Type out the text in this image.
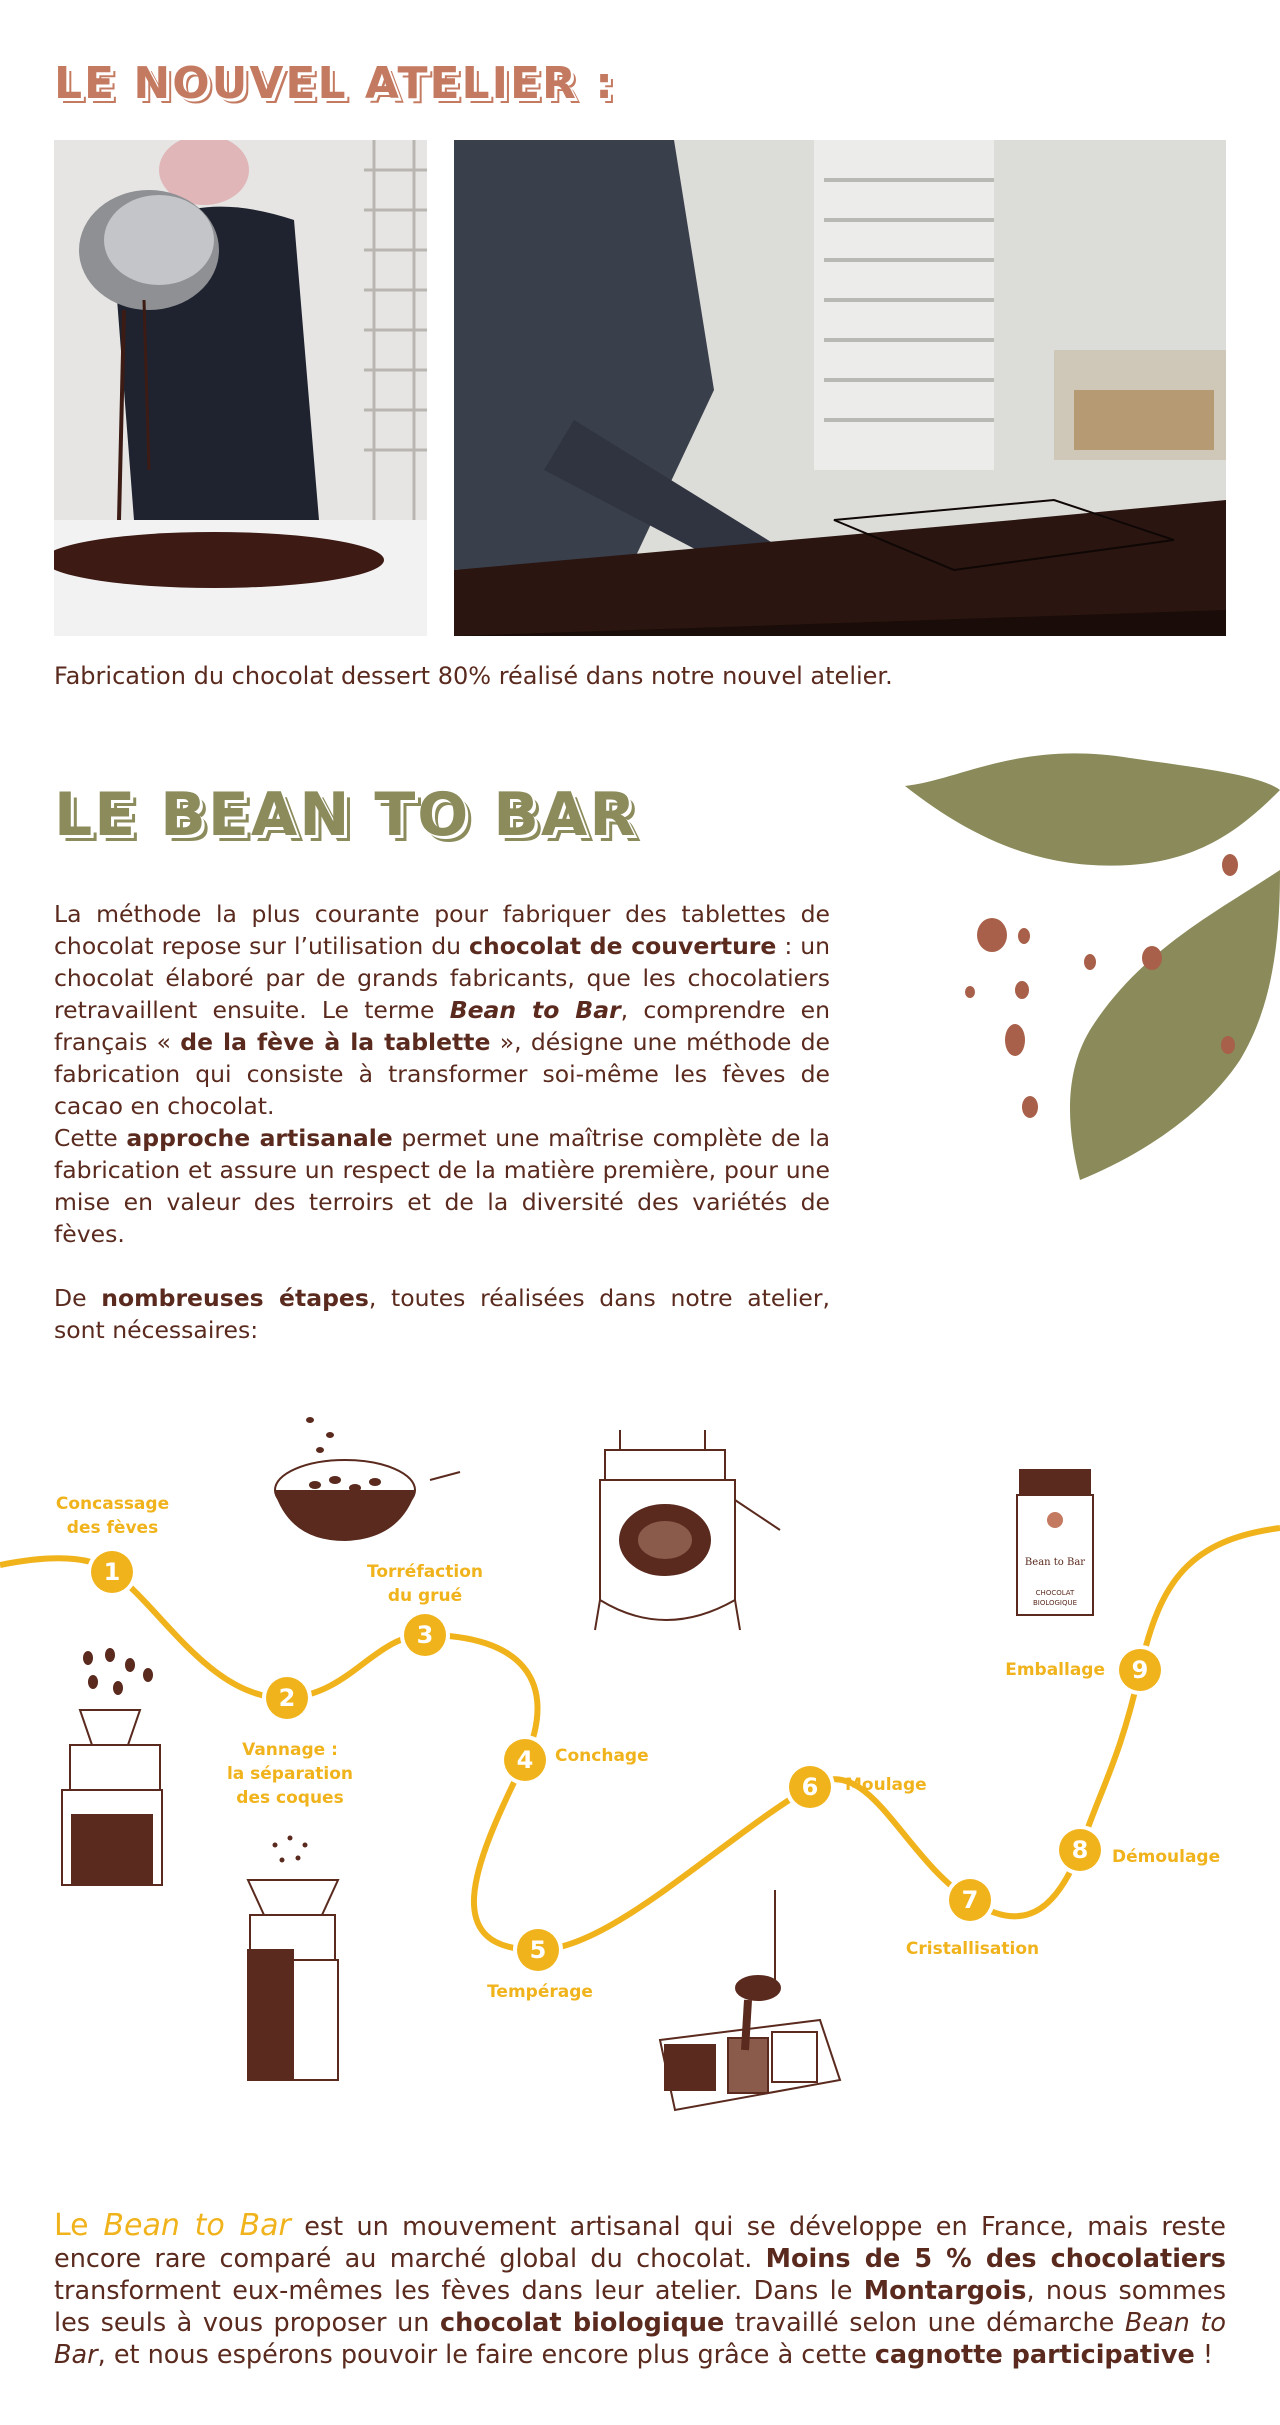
LE NOUVEL ATELIER :

Fabrication du chocolat dessert 80% réalisé dans notre nouvel atelier.

LE BEAN TO BAR

La méthode la plus courante pour fabriquer des tablettes de chocolat repose sur l’utilisation du chocolat de couverture : un chocolat élaboré par de grands fabricants, que les chocolatiers retravaillent ensuite. Le terme Bean to Bar, comprendre en français « de la fève à la tablette », désigne une méthode de fabrication qui consiste à transformer soi-même les fèves de cacao en chocolat.

Cette approche artisanale permet une maîtrise complète de la fabrication et assure un respect de la matière première, pour une mise en valeur des terroirs et de la diversité des variétés de fèves.

De nombreuses étapes, toutes réalisées dans notre atelier, sont nécessaires:

Bean to Bar
CHOCOLAT
BIOLOGIQUE
1
2
3
4
5
6
7
8
9
Concassage
des fèves
Vannage :
la séparation
des coques
Torréfaction
du grué
Conchage
Tempérage
Moulage
Cristallisation
Démoulage
Emballage

Le Bean to Bar est un mouvement artisanal qui se développe en France, mais reste encore rare comparé au marché global du chocolat. Moins de 5 % des chocolatiers transforment eux-mêmes les fèves dans leur atelier. Dans le Montargois, nous sommes les seuls à vous proposer un chocolat biologique travaillé selon une démarche Bean to Bar, et nous espérons pouvoir le faire encore plus grâce à cette cagnotte participative !
